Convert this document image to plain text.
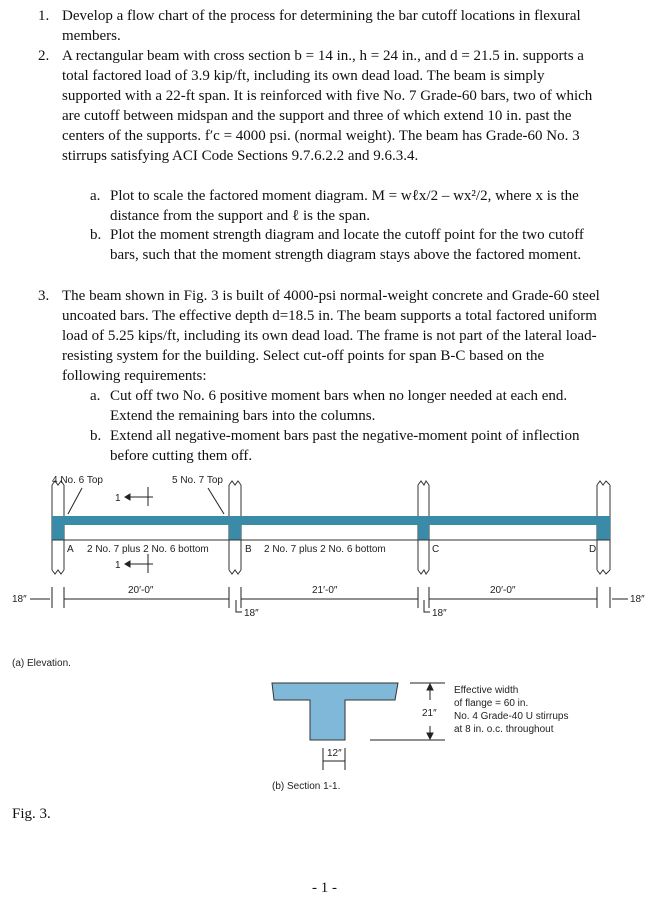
1. Develop a flow chart of the process for determining the bar cutoff locations in flexural
members.
2. A rectangular beam with cross section b = 14 in., h = 24 in., and d = 21.5 in. supports a
total factored load of 3.9 kip/ft, including its own dead load. The beam is simply
supported with a 22-ft span. It is reinforced with five No. 7 Grade-60 bars, two of which
are cutoff between midspan and the support and three of which extend 10 in. past the
centers of the supports. f′c = 4000 psi. (normal weight). The beam has Grade-60 No. 3
stirrups satisfying ACI Code Sections 9.7.6.2.2 and 9.6.3.4.
a. Plot to scale the factored moment diagram. M = wℓx/2 – wx²/2, where x is the
distance from the support and ℓ is the span.
b. Plot the moment strength diagram and locate the cutoff point for the two cutoff
bars, such that the moment strength diagram stays above the factored moment.
3. The beam shown in Fig. 3 is built of 4000-psi normal-weight concrete and Grade-60 steel
uncoated bars. The effective depth d=18.5 in. The beam supports a total factored uniform
load of 5.25 kips/ft, including its own dead load. The frame is not part of the lateral load-
resisting system for the building. Select cut-off points for span B-C based on the
following requirements:
a. Cut off two No. 6 positive moment bars when no longer needed at each end.
Extend the remaining bars into the columns.
b. Extend all negative-moment bars past the negative-moment point of inflection
before cutting them off.
4 No. 6 Top	5 No. 7 Top
1
1
A 2 No. 7 plus 2 No. 6 bottom	B 2 No. 7 plus 2 No. 6 bottom	C	D
20′-0″	21′-0″	20′-0″
18″	18″
18″	18″
(a) Elevation.
21″
12″
Effective width
of flange = 60 in.
No. 4 Grade-40 U stirrups
at 8 in. o.c. throughout
(b) Section 1-1.
Fig. 3.
- 1 -
